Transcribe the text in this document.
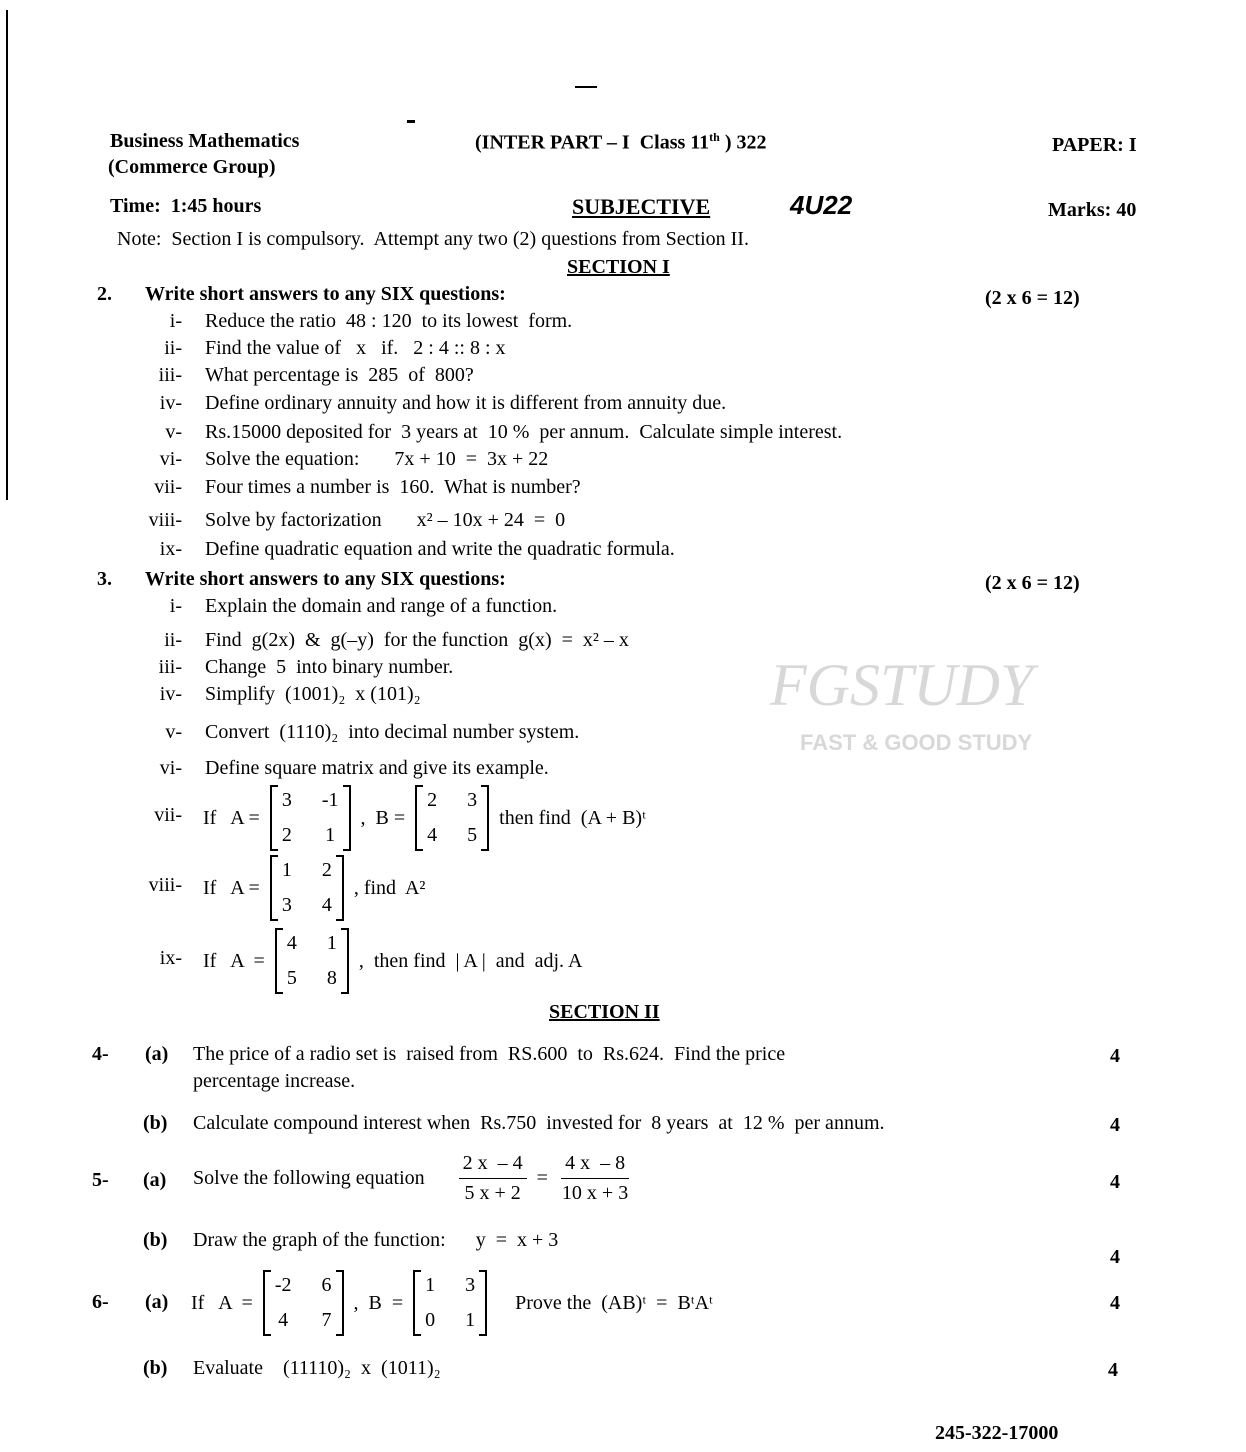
FGSTUDY
FAST & GOOD STUDY
Business Mathematics
(Commerce Group)
(INTER PART – I  Class 11th ) 322	PAPER: I
Time:  1:45 hours	SUBJECTIVE	4U22	Marks: 40
Note:  Section I is compulsory.  Attempt any two (2) questions from Section II.
SECTION I
2. Write short answers to any SIX questions:	(2 x 6 = 12)
i- Reduce the ratio  48 : 120  to its lowest  form.
ii- Find the value of   x   if.   2 : 4 :: 8 : x
iii- What percentage is  285  of  800?
iv- Define ordinary annuity and how it is different from annuity due.
v- Rs.15000 deposited for  3 years at  10 %  per annum.  Calculate simple interest.
vi- Solve the equation:       7x + 10  =  3x + 22
vii- Four times a number is  160.  What is number?
viii- Solve by factorization       x² – 10x + 24  =  0
ix- Define quadratic equation and write the quadratic formula.
3. Write short answers to any SIX questions:	(2 x 6 = 12)
i- Explain the domain and range of a function.
ii- Find  g(2x)  &  g(–y)  for the function  g(x)  =  x² – x
iii- Change  5  into binary number.
iv- Simplify  (1001)₂  x (101)₂
v- Convert  (1110)₂  into decimal number system.
vi- Define square matrix and give its example.
vii- If   A =
3 -1
2 1
,  B =
2 3
4 5
then find  (A + B)ᵗ
viii- If   A =
1 2
3 4
, find  A²
ix- If   A  =
4 1
5 8
,  then find  | A |  and  adj. A
SECTION II
4- (a) The price of a radio set is  raised from  RS.600  to  Rs.624.  Find the price
percentage increase.
4
(b) Calculate compound interest when  Rs.750  invested for  8 years  at  12 %  per annum.	4
5- (a) Solve the following equation $\frac{2 x - 4}{5 x + 2} = \frac{4 x - 8}{10 x + 3}$	4
(b) Draw the graph of the function:      y  =  x + 3
4
6- (a) If   A  =
-2 6
4 7
,  B  =
1 3
0 1
Prove the  (AB)ᵗ  =  BᵗAᵗ	4
(b) Evaluate    (11110)₂  x  (1011)₂	4
245-322-17000
